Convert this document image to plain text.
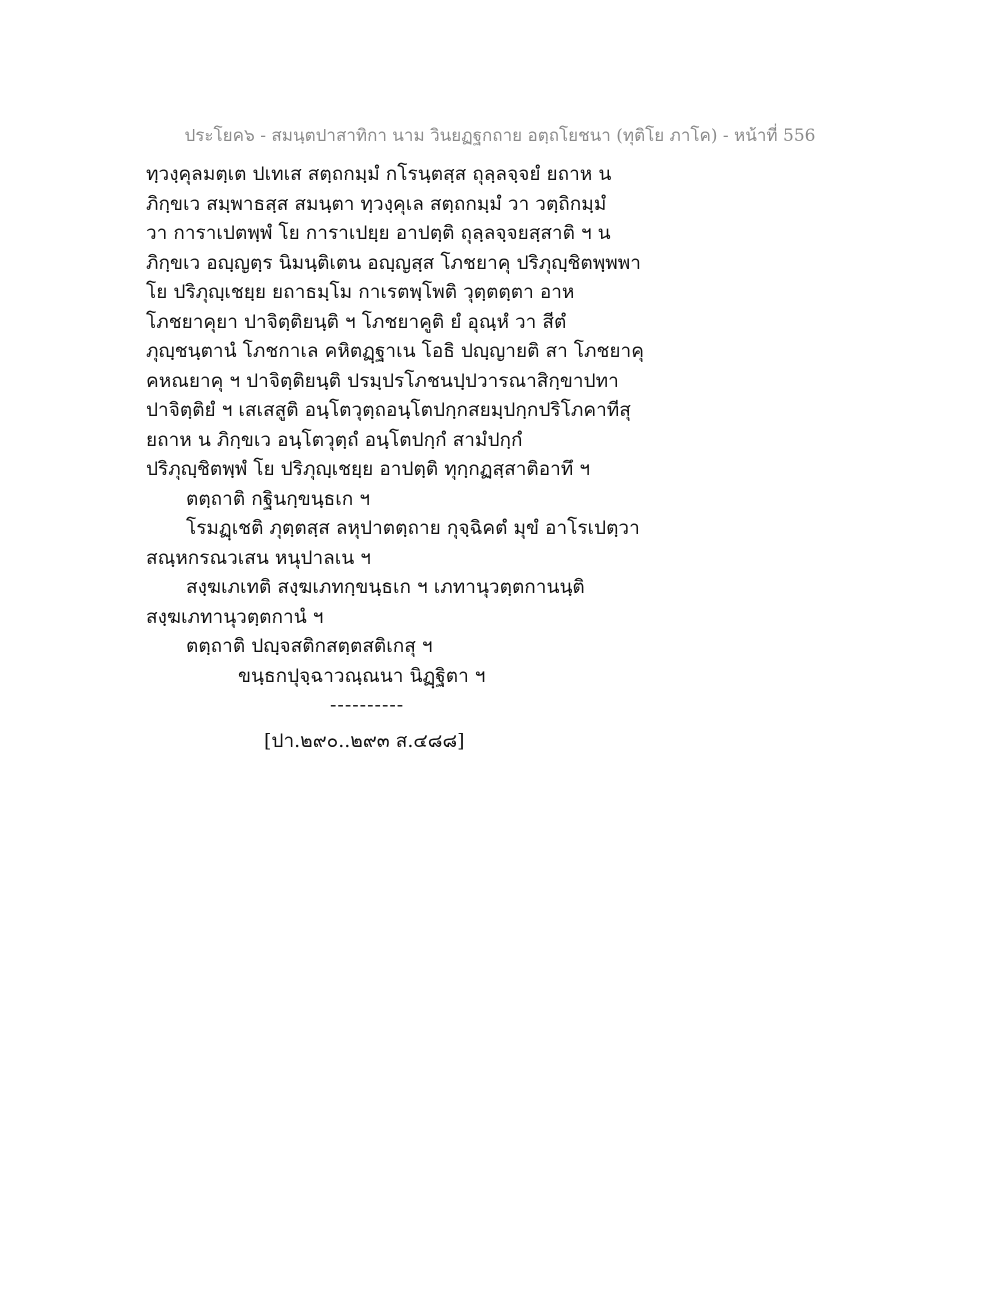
ประโยค๖ - สมนฺตปาสาทิกา นาม วินยฏฐกถาย อตฺถโยชนา (ทุติโย ภาโค) - หน้าที่ 556
ทฺวงฺคุลมตฺเต ปเทเส สตฺถกมฺมํ กโรนฺตสฺส ถุลฺลจฺจยํ ยถาห น
ภิกฺขเว สมฺพาธสฺส สมนฺตา ทฺวงฺคุเล สตฺถกมฺมํ วา วตฺถิกมฺมํ
วา การาเปตพฺพํ โย การาเปยฺย อาปตฺติ ถุลฺลจฺจยสฺสาติ ฯ น
ภิกฺขเว อญฺญตฺร นิมนฺติเตน อญฺญสฺส โภชยาคุ ปริภุญฺชิตพฺพพา
โย ปริภุญฺเชยฺย ยถาธมฺโม กาเรตพฺโพติ วุตฺตตฺตา อาห
โภชยาคุยา ปาจิตฺติยนฺติ ฯ โภชยาคูติ ยํ อุณฺหํ วา สีตํ
ภุญฺชนฺตานํ โภชกาเล คหิตฏฺฐาเน โอธิ ปญฺญายติ สา โภชยาคุ
คหณยาคุ ฯ ปาจิตฺติยนฺติ ปรมฺปรโภชนปฺปวารณาสิกฺขาปทา
ปาจิตฺติยํ ฯ เสเสสูติ อนฺโตวุตฺถอนฺโตปกฺกสยมฺปกฺกปริโภคาทีสุ
ยถาห น ภิกฺขเว อนฺโตวุตฺถํ อนฺโตปกฺกํ สามํปกฺกํ
ปริภุญฺชิตพฺพํ โย ปริภุญฺเชยฺย อาปตฺติ ทุกฺกฏสฺสาติอาทึ ฯ
ตตฺถาติ กฐินกฺขนฺธเก ฯ
โรมฏฺเชติ ภุตฺตสฺส ลหุปาตตฺถาย กุจฺฉิคตํ มุขํ อาโรเปตฺวา
สณฺหกรณวเสน หนุปาลเน ฯ
สงฺฆเภเทติ สงฺฆเภทกฺขนฺธเก ฯ เภทานุวตฺตกานนฺติ
สงฺฆเภทานุวตฺตกานํ ฯ
ตตฺถาติ ปญฺจสติกสตฺตสติเกสุ ฯ
ขนฺธกปุจฺฉาวณฺณนา นิฏฺฐิตา ฯ
----------
[ปา.๒๙๐..๒๙๓ ส.๔๘๘]
